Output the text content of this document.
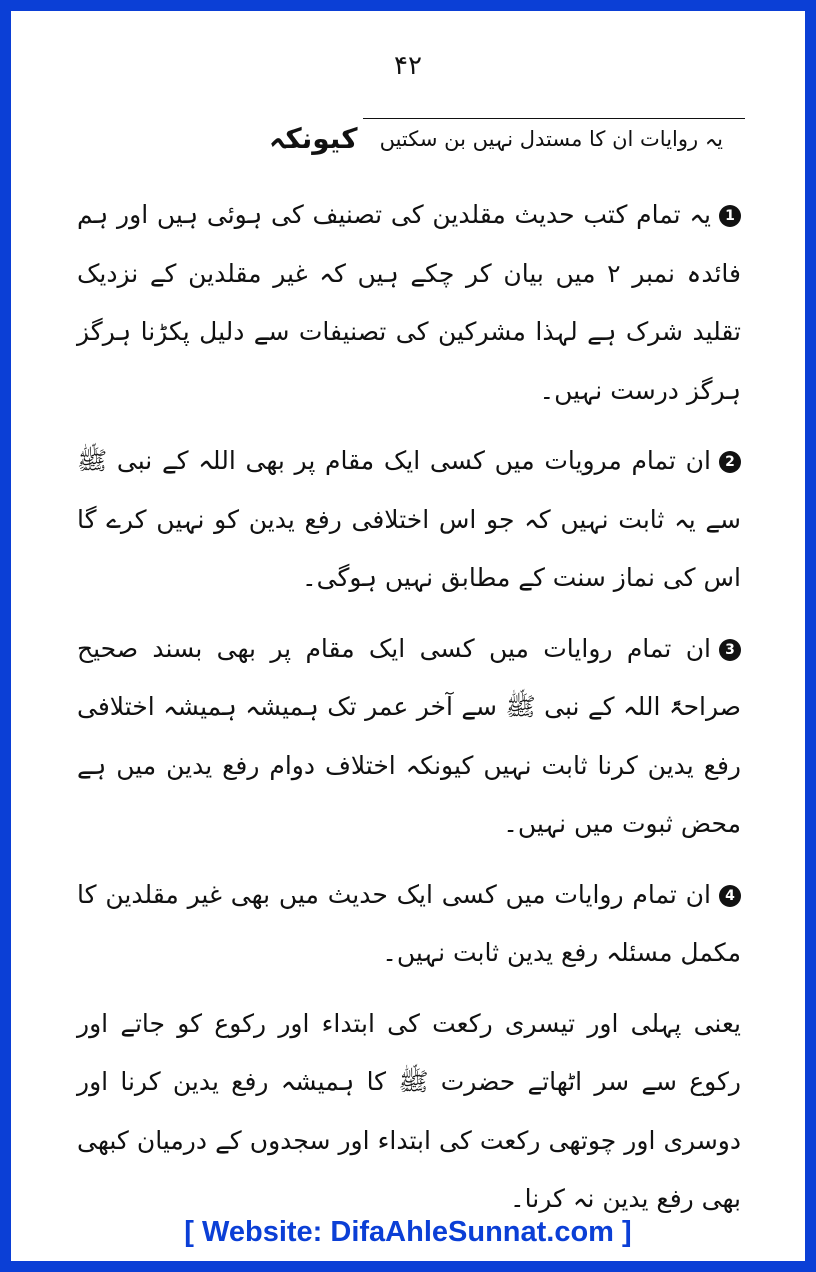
۴۲
یہ روایات ان کا مستدل نہیں بن سکتیں
کیونکہ

1یہ تمام کتب حدیث مقلدین کی تصنیف کی ہوئی ہیں اور ہم فائدہ نمبر ۲ میں بیان کر چکے ہیں کہ غیر مقلدین کے نزدیک تقلید شرک ہے لہذا مشرکین کی تصنیفات سے دلیل پکڑنا ہرگز ہرگز درست نہیں۔

2ان تمام مرویات میں کسی ایک مقام پر بھی اللہ کے نبی ﷺ سے یہ ثابت نہیں کہ جو اس اختلافی رفع یدین کو نہیں کرے گا اس کی نماز سنت کے مطابق نہیں ہوگی۔

3ان تمام روایات میں کسی ایک مقام پر بھی بسند صحیح صراحۃً اللہ کے نبی ﷺ سے آخر عمر تک ہمیشہ ہمیشہ اختلافی رفع یدین کرنا ثابت نہیں کیونکہ اختلاف دوام رفع یدین میں ہے محض ثبوت میں نہیں۔

4ان تمام روایات میں کسی ایک حدیث میں بھی غیر مقلدین کا مکمل مسئلہ رفع یدین ثابت نہیں۔

یعنی پہلی اور تیسری رکعت کی ابتداء اور رکوع کو جاتے اور رکوع سے سر اٹھاتے حضرت ﷺ کا ہمیشہ رفع یدین کرنا اور دوسری اور چوتھی رکعت کی ابتداء اور سجدوں کے درمیان کبھی بھی رفع یدین نہ کرنا۔

[ Website: DifaAhleSunnat.com ]
